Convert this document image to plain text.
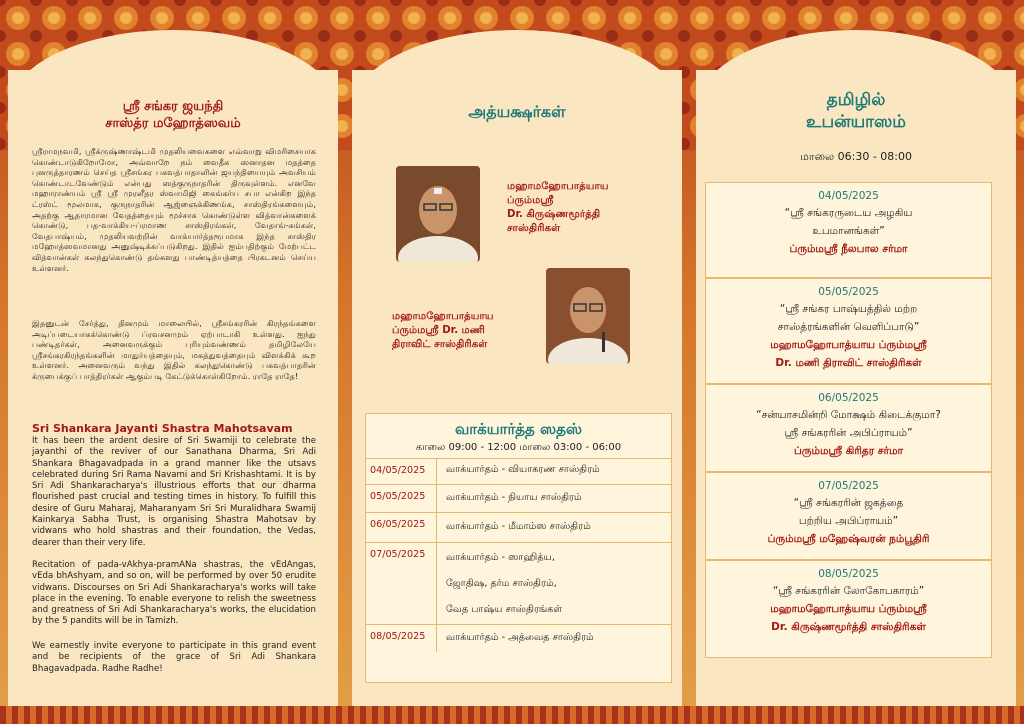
ஸ்ரீ சங்கர ஜயந்தி
சாஸ்த்ர மஹோத்ஸவம்
ஸ்ரீராமநவமி, ஸ்ரீக்ருஷ்ணாஷ்டமி முதலியவைகளை எவ்வாறு விமரிசையாக கொண்டாடுகிறோமோ, அவ்வாறே நம் வைதீக ஸனாதன மதத்தை புனருத்தாரணம் செய்த ஸ்ரீசங்கர பகவத்பாதாளின் ஜயந்தியையும் அவசியம் கொண்டாடவேண்டும் என்பது ஸத்குருநாதரின் திருவுள்ளம். எனவே மஹாராண்யம் ஸ்ரீ ஸ்ரீ முரளீதர ஸ்வாமிஜி கைங்கர்ய சபா என்கிற இந்த ட்ரஸ்ட் மூலமாக, குருநாதரின் ஆஜ்ஞைக்கிணங்க, சாஸ்திரங்களையும், அதற்கு ஆதாரமான வேதத்தையும் மூச்சாக கொண்டுள்ள வித்வான்களைக் கொண்டு, பத-வாக்கிய-ப்ரமாண சாஸ்திரங்கள், வேதாங்-கங்கள், வேதபாஷ்யம், முதலியவற்றின் வாக்யார்த்தரூபமாக இந்த சாஸ்திர மஹோத்ஸவமானது அனுஷ்டிக்கப்படுகிறது. இதில் ஐம்பதிற்கும் மேற்பட்ட வித்வான்கள் கலந்துகொண்டு தங்களது பாண்டித்யத்தை பிரகடனம் செய்ய உள்ளனர்.
இதனுடன் சேர்த்து, தினமும் மாலையில், ஸ்ரீசங்கரரின் கிரந்தங்களை அடிப்படையாகக்கொண்டு ப்ரவசனமும் ஏற்பாடாகி உள்ளது. ஐந்து பண்டிதர்கள், அனைவருக்கும் புரியும்வண்ணம் தமிழிலேயே ஸ்ரீசங்கரகிரந்தங்களின் மாதுர்யத்தையும், மகத்துவத்தையும் விளக்கிக் கூற உள்ளனர். அனைவரும் வந்து இதில் கலந்துகொண்டு பகவத்பாதரின் க்ருபைக்குப் பாத்திரர்கள் ஆகும்படி கேட்டுக்கொள்கிறோம். ராதே ராதே!
Sri Shankara Jayanti Shastra Mahotsavam
It has been the ardent desire of Sri Swamiji to celebrate the jayanthi of the reviver of our Sanathana Dharma, Sri Adi Shankara Bhagavadpada in a grand manner like the utsavs celebrated during Sri Rama Navami and Sri Krishashtami. It is by Sri Adi Shankaracharya's illustrious efforts that our dharma flourished past crucial and testing times in history. To fulfill this desire of Guru Maharaj, Maharanyam Sri Sri Muralidhara Swamij Kainkarya Sabha Trust, is organising Shastra Mahotsav by vidwans who hold shastras and their foundation, the Vedas, dearer than their very life.
Recitation of pada-vAkhya-pramANa shastras, the vEdAngas, vEda bhAshyam, and so on, will be performed by over 50 erudite vidwans. Discourses on Sri Adi Shankaracharya's works will take place in the evening. To enable everyone to relish the sweetness and greatness of Sri Adi Shankaracharya's works, the elucidation by the 5 pandits will be in Tamizh.
We earnestly invite everyone to participate in this grand event and be recipients of the grace of Sri Adi Shankara Bhagavadpada. Radhe Radhe!
அத்யக்ஷர்கள்
மஹாமஹோபாத்யாய
ப்ரும்மஸ்ரீ
Dr. கிருஷ்ணமூர்த்தி
சாஸ்திரிகள்
மஹாமஹோபாத்யாய
ப்ரும்மஸ்ரீ Dr. மணி
திராவிட் சாஸ்திரிகள்
வாக்யார்த்த ஸதஸ்
காலை 09:00 - 12:00 மாலை 03:00 - 06:00
04/05/2025 வாக்யார்தம் - வியாகரண சாஸ்திரம்
05/05/2025 வாக்யார்தம் - நியாய சாஸ்திரம்
06/05/2025 வாக்யார்தம் - மீமாம்ஸ சாஸ்திரம்
07/05/2025 வாக்யார்தம் - ஸாஹித்ய,
ஜோதிஷ, தர்ம சாஸ்திரம்,
வேத பாஷ்ய சாஸ்திரங்கள்
08/05/2025 வாக்யார்தம் - அத்வைத சாஸ்திரம்
தமிழில்
உபன்யாஸம்
மாலை 06:30 - 08:00
04/05/2025
“ஸ்ரீ சங்கரருடைய அழகிய
உபமானங்கள்”
ப்ரும்மஸ்ரீ நீலபால சர்மா
05/05/2025
“ஸ்ரீ சங்கர பாஷ்யத்தில் மற்ற
சாஸ்த்ரங்களின் வெளிப்பாடு”
மஹாமஹோபாத்யாய ப்ரும்மஸ்ரீ
Dr. மணி திராவிட் சாஸ்திரிகள்
06/05/2025
“சன்யாசமின்றி மோக்ஷம் கிடைக்குமா?
ஸ்ரீ சங்கரரின் அபிப்ராயம்”
ப்ரும்மஸ்ரீ கிரிதர சர்மா
07/05/2025
“ஸ்ரீ சங்கரரின் ஜகத்தை
பற்றிய அபிப்ராயம்”
ப்ரும்மஸ்ரீ மஹேஷ்வரன் நம்பூதிரி
08/05/2025
“ஸ்ரீ சங்கரரின் லோகோபகாரம்”
மஹாமஹோபாத்யாய ப்ரும்மஸ்ரீ
Dr. கிருஷ்ணமூர்த்தி சாஸ்திரிகள்
